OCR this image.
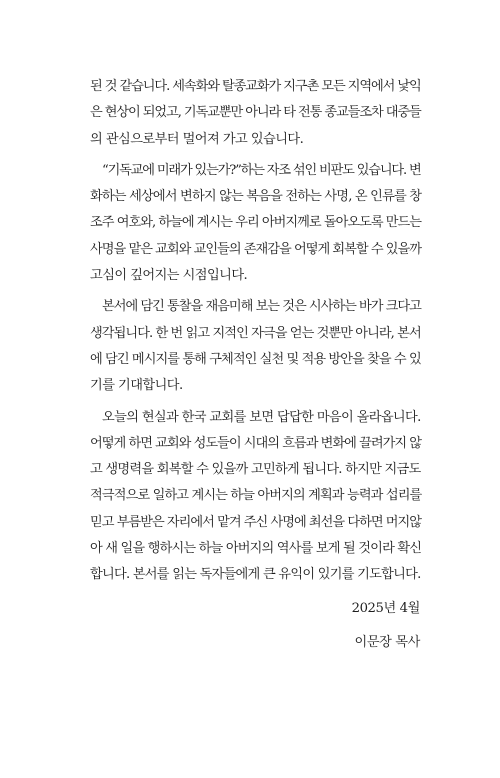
된 것 같습니다. 세속화와 탈종교화가 지구촌 모든 지역에서 낯익
은 현상이 되었고, 기독교뿐만 아니라 타 전통 종교들조차 대중들
의 관심으로부터 멀어져 가고 있습니다.
“기독교에 미래가 있는가?”하는 자조 섞인 비판도 있습니다. 변
화하는 세상에서 변하지 않는 복음을 전하는 사명, 온 인류를 창
조주 여호와, 하늘에 계시는 우리 아버지께로 돌아오도록 만드는
사명을 맡은 교회와 교인들의 존재감을 어떻게 회복할 수 있을까
고심이 깊어지는 시점입니다.
본서에 담긴 통찰을 재음미해 보는 것은 시사하는 바가 크다고
생각됩니다. 한 번 읽고 지적인 자극을 얻는 것뿐만 아니라, 본서
에 담긴 메시지를 통해 구체적인 실천 및 적용 방안을 찾을 수 있
기를 기대합니다.
오늘의 현실과 한국 교회를 보면 답답한 마음이 올라옵니다.
어떻게 하면 교회와 성도들이 시대의 흐름과 변화에 끌려가지 않
고 생명력을 회복할 수 있을까 고민하게 됩니다. 하지만 지금도
적극적으로 일하고 계시는 하늘 아버지의 계획과 능력과 섭리를
믿고 부름받은 자리에서 맡겨 주신 사명에 최선을 다하면 머지않
아 새 일을 행하시는 하늘 아버지의 역사를 보게 될 것이라 확신
합니다. 본서를 읽는 독자들에게 큰 유익이 있기를 기도합니다.
2025년 4월
이문장 목사
